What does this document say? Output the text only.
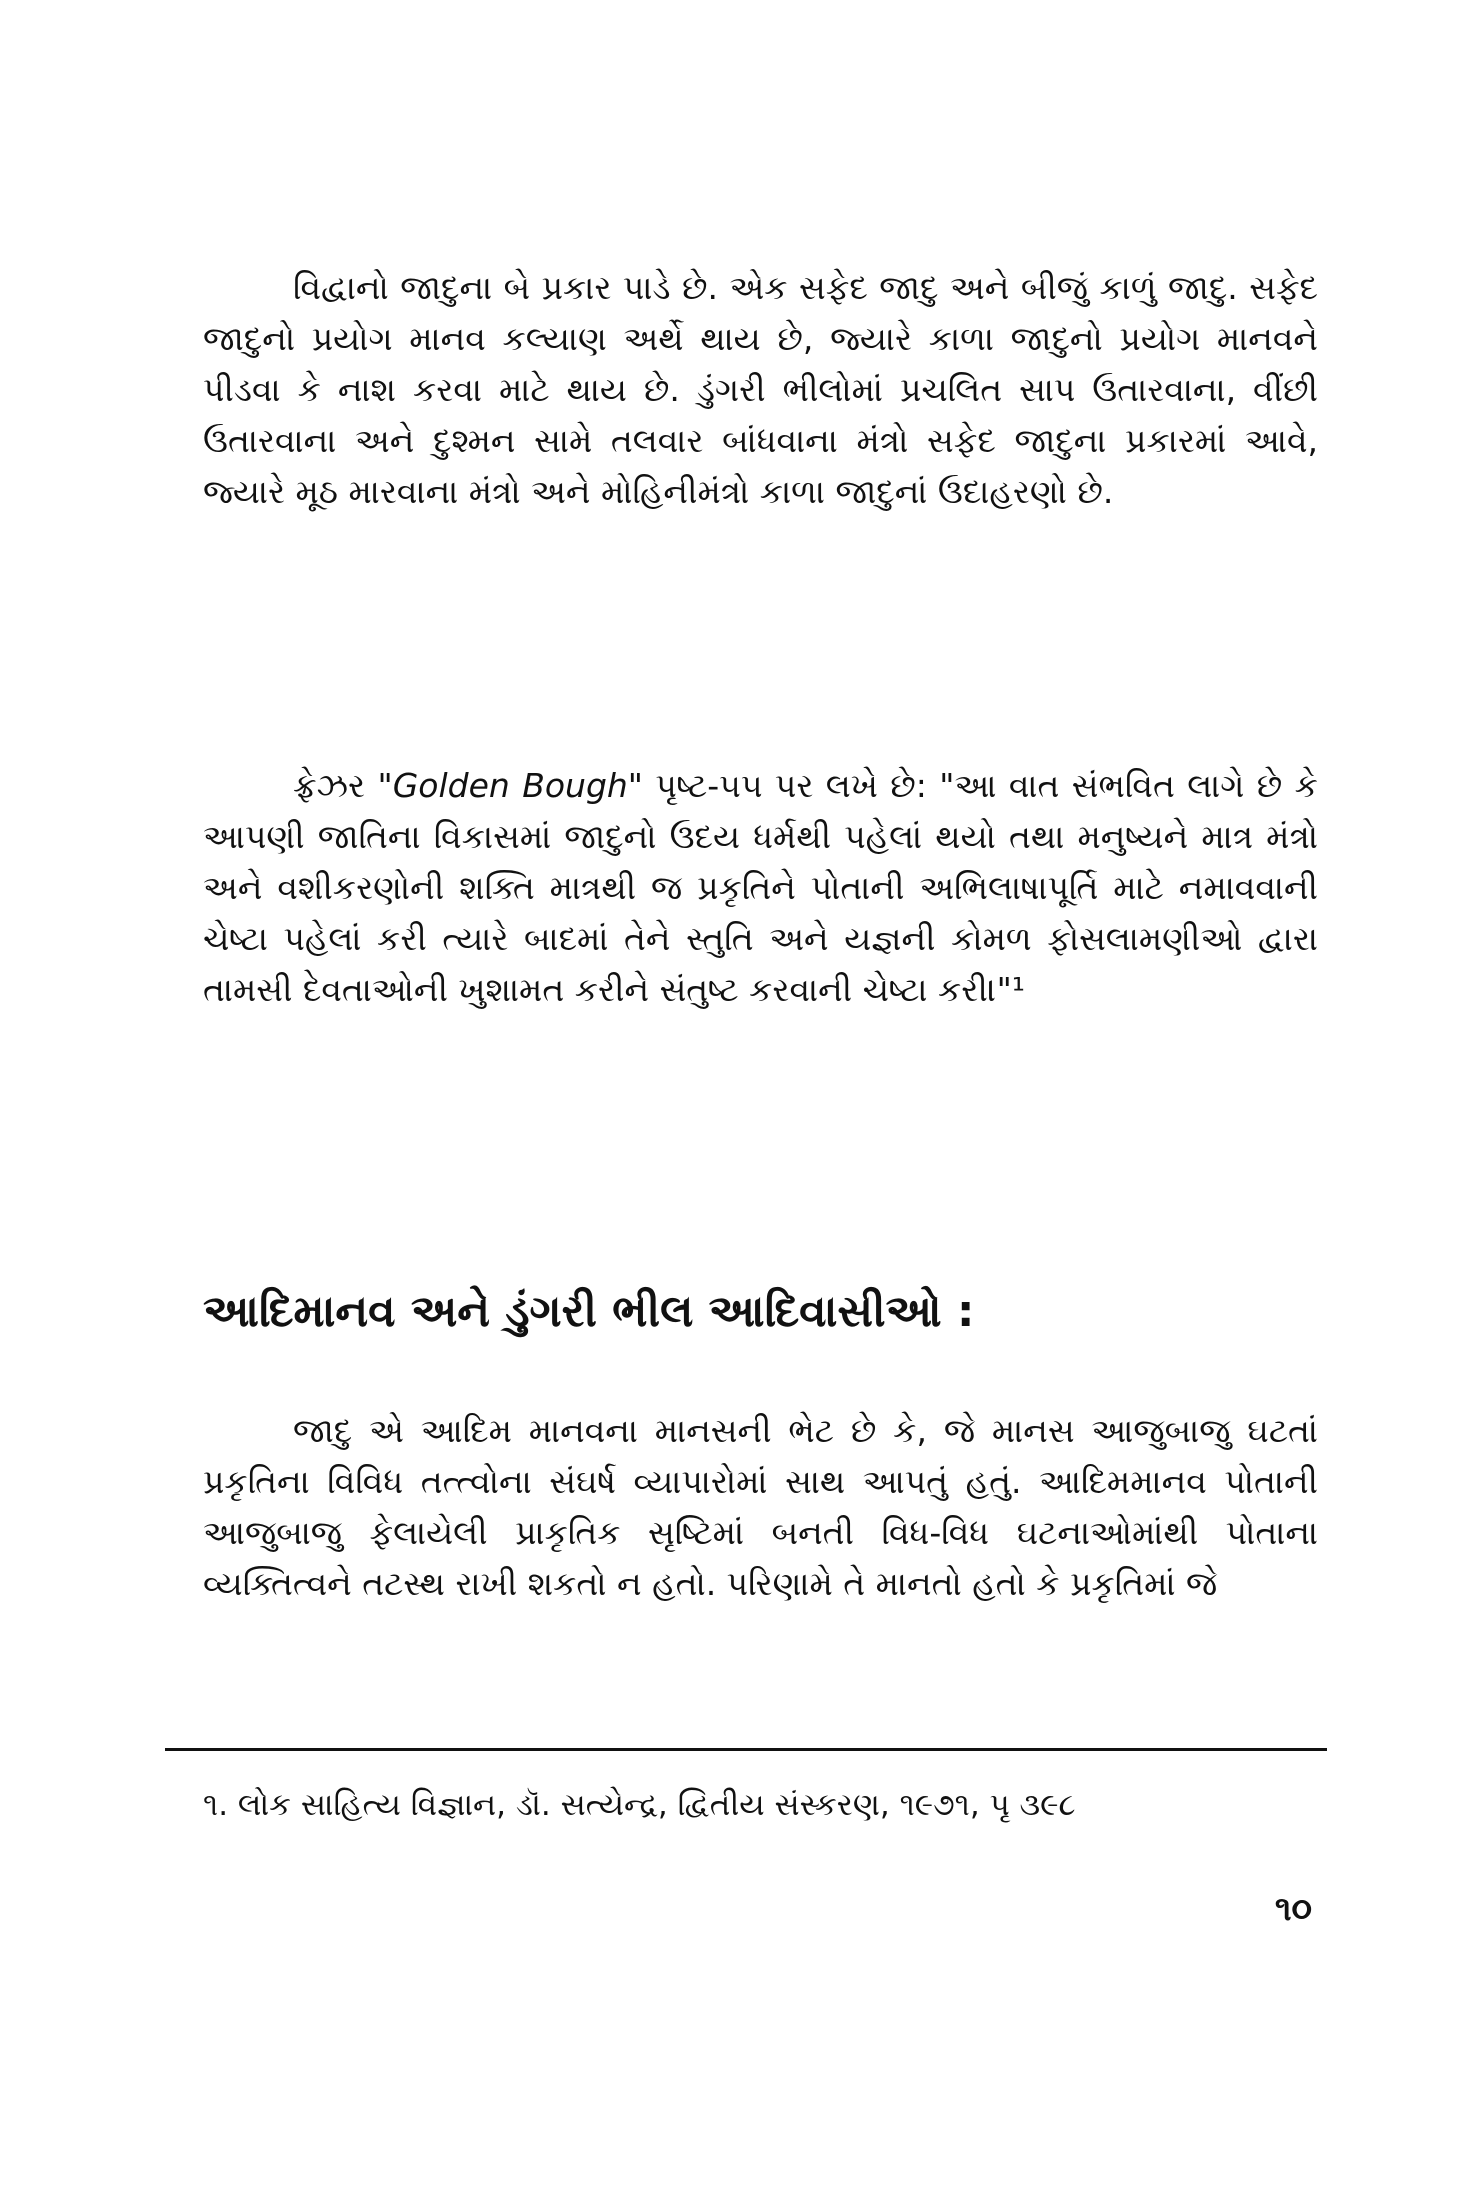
વિદ્વાનો જાદુના બે પ્રકાર પાડે છે. એક સફેદ જાદુ અને બીજું કાળું જાદુ. સફેદ જાદુનો પ્રયોગ માનવ કલ્યાણ અર્થે થાય છે, જ્યારે કાળા જાદુનો પ્રયોગ માનવને પીડવા કે નાશ કરવા માટે થાય છે. ડુંગરી ભીલોમાં પ્રચલિત સાપ ઉતારવાના, વીંછી ઉતારવાના અને દુશ્મન સામે તલવાર બાંધવાના મંત્રો સફેદ જાદુના પ્રકારમાં આવે, જ્યારે મૂઠ મારવાના મંત્રો અને મોહિનીમંત્રો કાળા જાદુનાં ઉદાહરણો છે.

ફ્રેઝર "Golden Bough" પૃષ્ટ-૫૫ પર લખે છે: "આ વાત સંભવિત લાગે છે કે આપણી જાતિના વિકાસમાં જાદુનો ઉદય ધર્મથી પહેલાં થયો તથા મનુષ્યને માત્ર મંત્રો અને વશીકરણોની શક્તિ માત્રથી જ પ્રકૃતિને પોતાની અભિલાષાપૂર્તિ માટે નમાવવાની ચેષ્ટા પહેલાં કરી ત્યારે બાદમાં તેને સ્તુતિ અને યજ્ઞની કોમળ ફોસલામણીઓ દ્વારા તામસી દેવતાઓની ખુશામત કરીને સંતુષ્ટ કરવાની ચેષ્ટા કરી।"¹

આદિમાનવ અને ડુંગરી ભીલ આદિવાસીઓ :

જાદુ એ આદિમ માનવના માનસની ભેટ છે કે, જે માનસ આજુબાજુ ઘટતાં પ્રકૃતિના વિવિધ તત્ત્વોના સંઘર્ષ વ્યાપારોમાં સાથ આપતું હતું. આદિમમાનવ પોતાની આજુબાજુ ફેલાયેલી પ્રાકૃતિક સૃષ્ટિમાં બનતી વિધ-વિધ ઘટનાઓમાંથી પોતાના વ્યક્તિત્વને તટસ્થ રાખી શકતો ન હતો. પરિણામે તે માનતો હતો કે પ્રકૃતિમાં જે

૧. લોક સાહિત્ય વિજ્ઞાન, ડૉ. સત્યેન્દ્ર, દ્વિતીય સંસ્કરણ, ૧૯૭૧, પૃ ૩૯૮

૧૦
